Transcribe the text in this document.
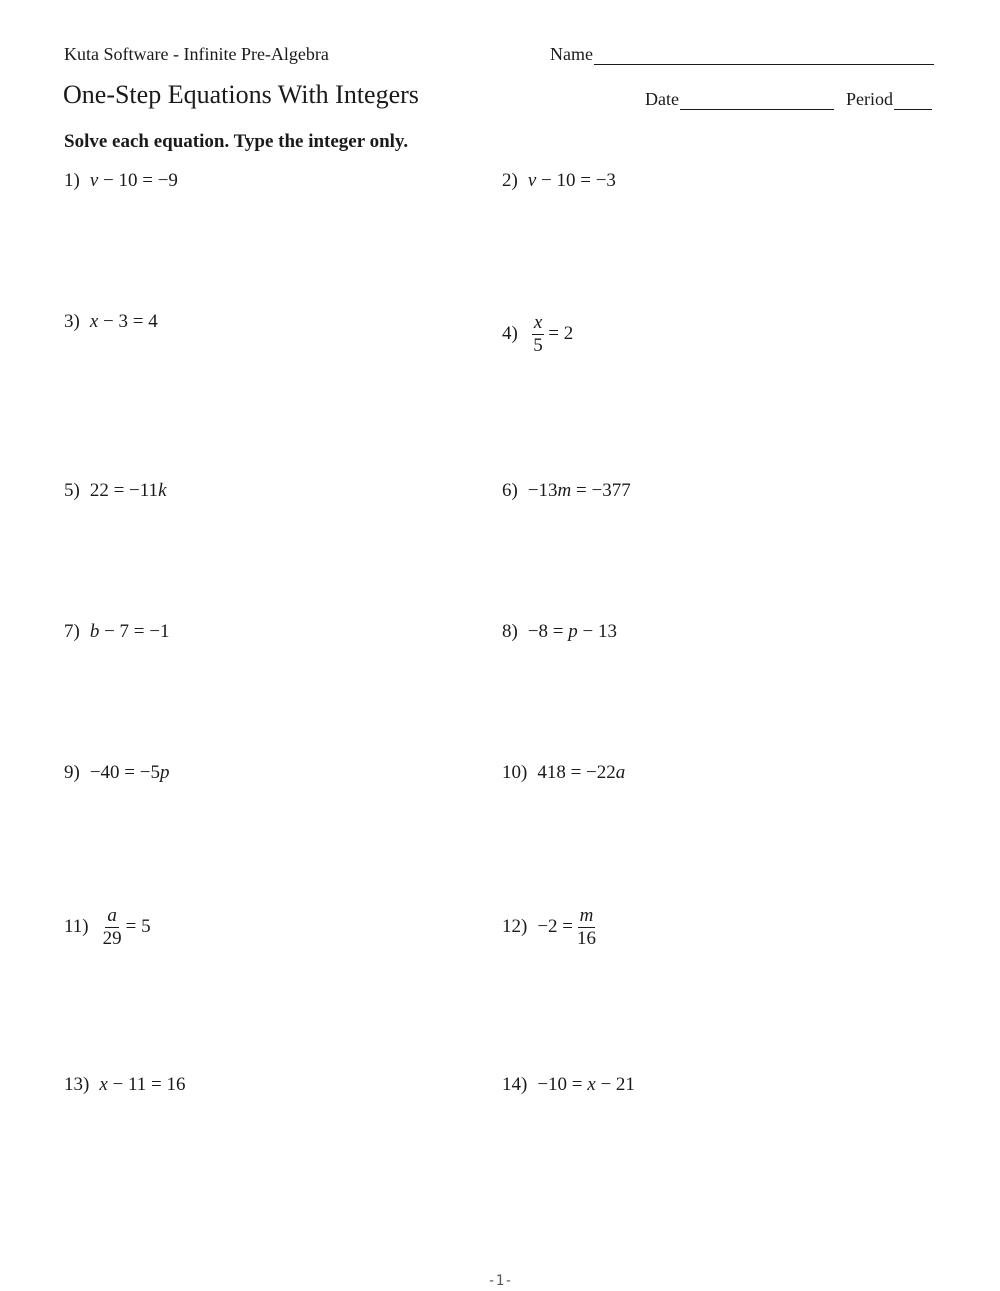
Kuta Software - Infinite Pre-Algebra	Name
One-Step Equations With Integers	Date	Period
Solve each equation. Type the integer only.
1) v − 10 = −9	2) v − 10 = −3
3) x − 3 = 4
$4) \frac{x}{5} = 2$
5) 22 = −11 k	6) −13 m = −377
7) b − 7 = −1	8) −8 = p − 13
9) −40 = −5 p	10) 418 = −22 a
$11) \frac{a}{29} = 5$	$12) -2 = \frac{m}{16}$
13) x − 11 = 16	14) −10 = x − 21
-1-
